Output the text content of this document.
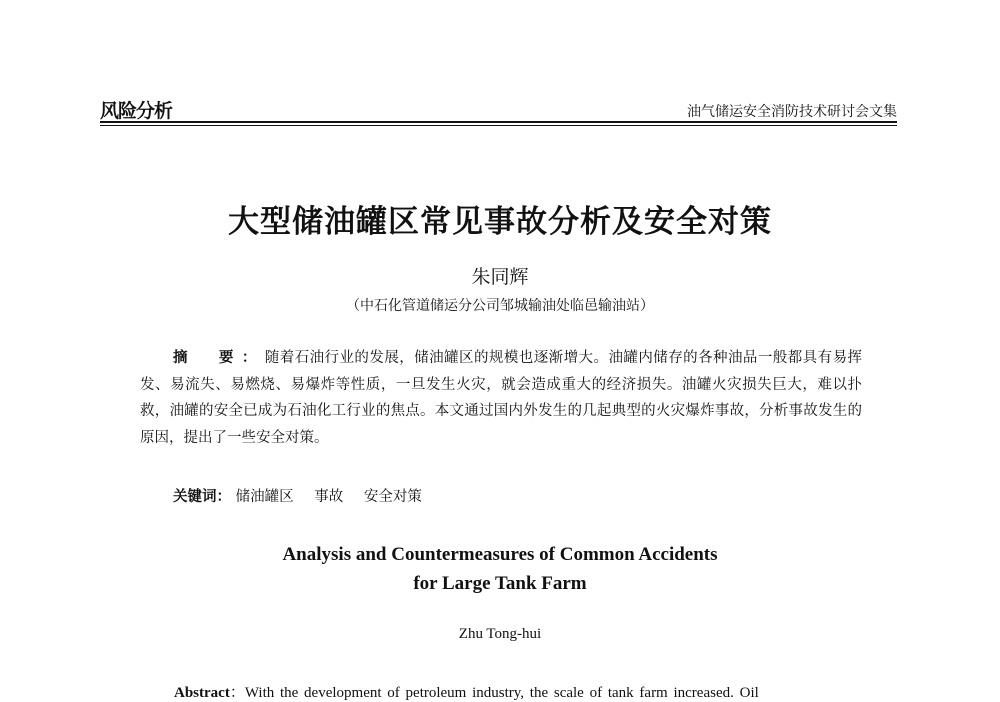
风险分析	油气储运安全消防技术研讨会文集
大型储油罐区常见事故分析及安全对策
朱同辉
（中石化管道储运分公司邹城输油处临邑输油站）
摘　要：随着石油行业的发展，储油罐区的规模也逐渐增大。油罐内储存的各种油品一般都具有易挥发、易流失、易燃烧、易爆炸等性质，一旦发生火灾，就会造成重大的经济损失。油罐火灾损失巨大，难以扑救，油罐的安全已成为石油化工行业的焦点。本文通过国内外发生的几起典型的火灾爆炸事故，分析事故发生的原因，提出了一些安全对策。
关键词： 储油罐区 事故 安全对策
Analysis and Countermeasures of Common Accidents
for Large Tank Farm
Zhu Tong-hui
Abstract：With the development of petroleum industry, the scale of tank farm increased. Oil
